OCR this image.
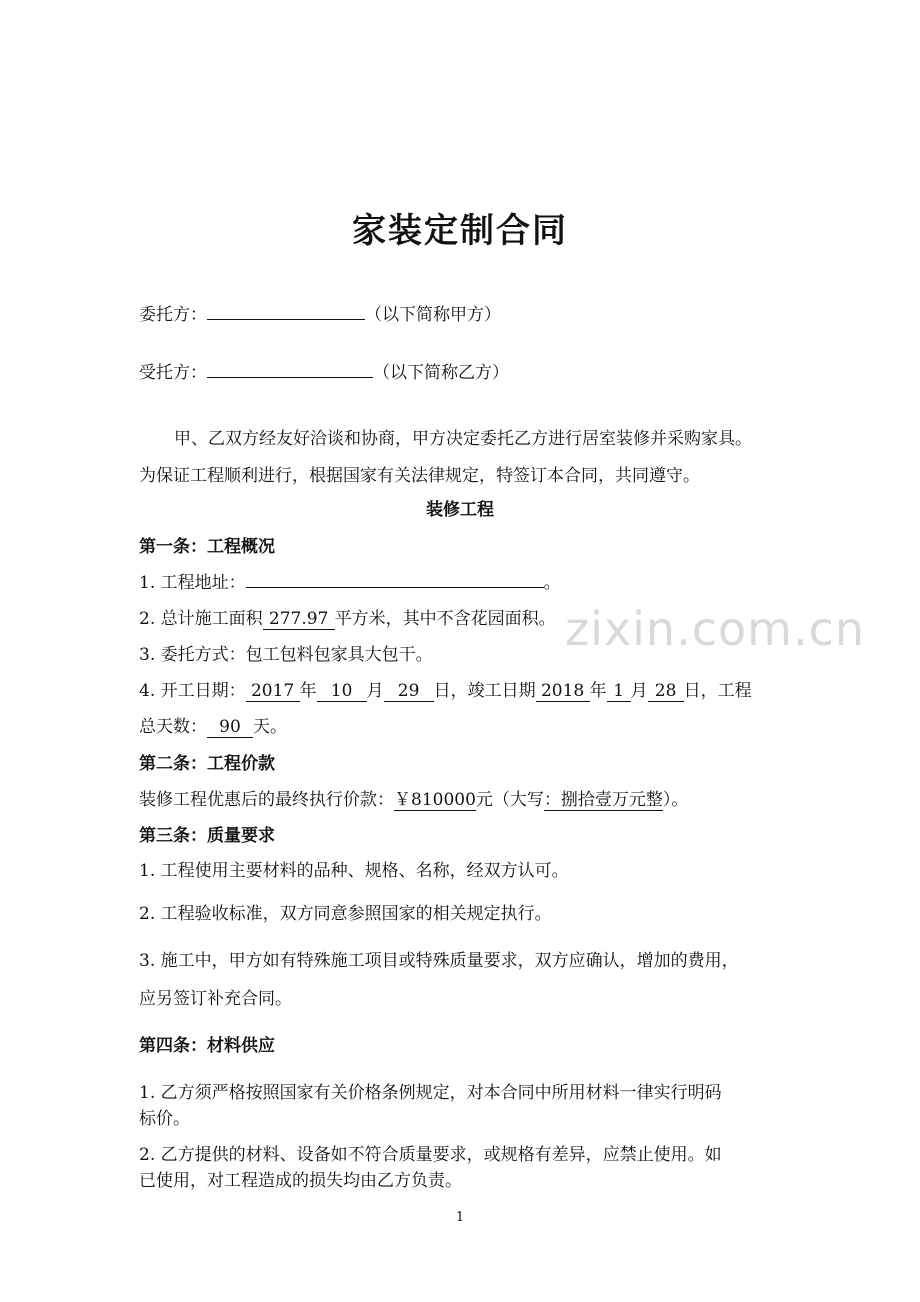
zixin.com.cn
家装定制合同
委托方：	（以下简称甲方）
受托方：	（以下简称乙方）
甲、乙双方经友好洽谈和协商，甲方决定委托乙方进行居室装修并采购家具。
为保证工程顺利进行，根据国家有关法律规定，特签订本合同，共同遵守。
装修工程
第一条：工程概况
1. 工程地址：	。
2. 总计施工面积 277.97 平方米，其中不含花园面积。
3. 委托方式：包工包料包家具大包干。
4. 开工日期： 2017 年 10 月 29 日，竣工日期 2018 年 1 月 28 日，工程
总天数： 90 天。
第二条：工程价款
装修工程优惠后的最终执行价款：￥810000元（大写：捌拾壹万元整）。
第三条：质量要求
1. 工程使用主要材料的品种、规格、名称，经双方认可。
2. 工程验收标准，双方同意参照国家的相关规定执行。
3. 施工中，甲方如有特殊施工项目或特殊质量要求，双方应确认，增加的费用，
应另签订补充合同。
第四条：材料供应
1. 乙方须严格按照国家有关价格条例规定，对本合同中所用材料一律实行明码
标价。
2. 乙方提供的材料、设备如不符合质量要求，或规格有差异，应禁止使用。如
已使用，对工程造成的损失均由乙方负责。
1
